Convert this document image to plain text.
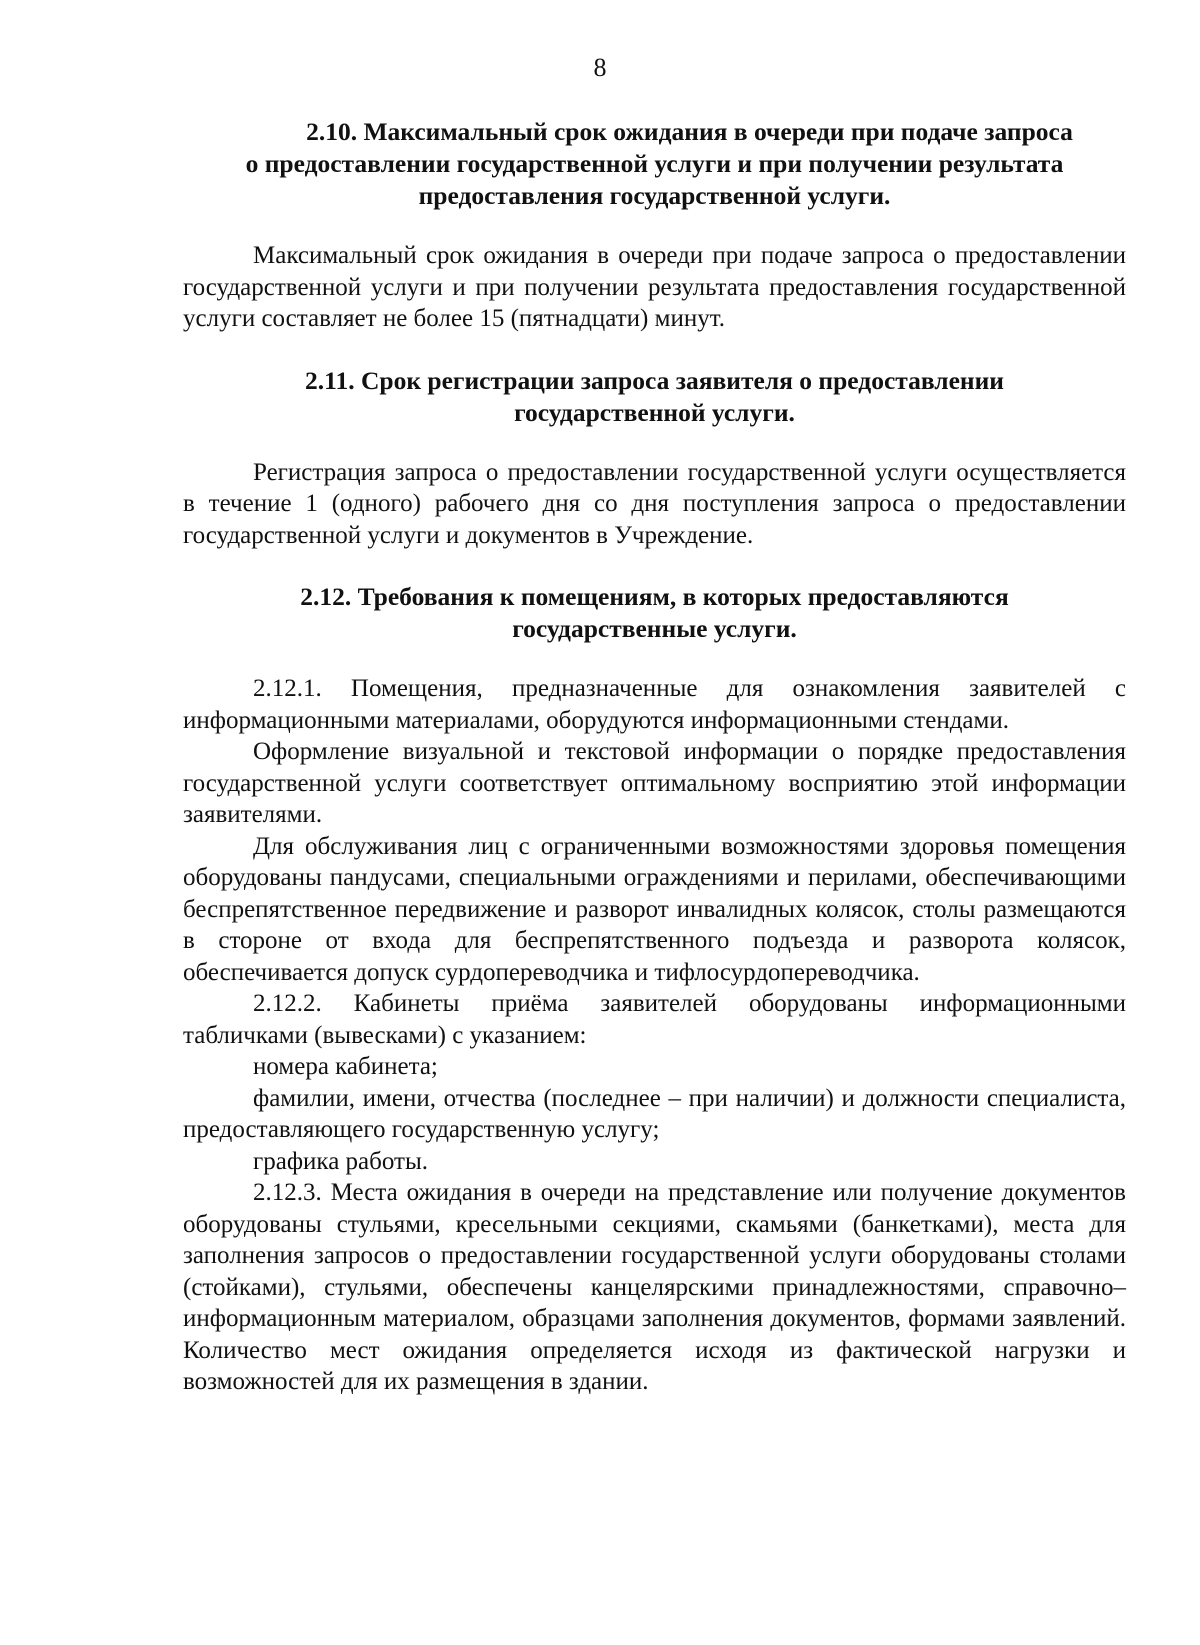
8
2.10. Максимальный срок ожидания в очереди при подаче запроса
о предоставлении государственной услуги и при получении результата
предоставления государственной услуги.

Максимальный срок ожидания в очереди при подаче запроса о предоставлении государственной услуги и при получении результата предоставления государственной услуги составляет не более 15 (пятнадцати) минут.

2.11. Срок регистрации запроса заявителя о предоставлении
государственной услуги.

Регистрация запроса о предоставлении государственной услуги осуществляется в течение 1 (одного) рабочего дня со дня поступления запроса о предоставлении государственной услуги и документов в Учреждение.

2.12. Требования к помещениям, в которых предоставляются
государственные услуги.

2.12.1. Помещения, предназначенные для ознакомления заявителей с информационными материалами, оборудуются информационными стендами.

Оформление визуальной и текстовой информации о порядке предоставления государственной услуги соответствует оптимальному восприятию этой информации заявителями.

Для обслуживания лиц с ограниченными возможностями здоровья помещения оборудованы пандусами, специальными ограждениями и перилами, обеспечивающими беспрепятственное передвижение и разворот инвалидных колясок, столы размещаются в стороне от входа для беспрепятственного подъезда и разворота колясок, обеспечивается допуск сурдопереводчика и тифлосурдопереводчика.

2.12.2. Кабинеты приёма заявителей оборудованы информационными табличками (вывесками) с указанием:

номера кабинета;

фамилии, имени, отчества (последнее – при наличии) и должности специалиста, предоставляющего государственную услугу;

графика работы.

2.12.3. Места ожидания в очереди на представление или получение документов оборудованы стульями, кресельными секциями, скамьями (банкетками), места для заполнения запросов о предоставлении государственной услуги оборудованы столами (стойками), стульями, обеспечены канцелярскими принадлежностями, справочно–информационным материалом, образцами заполнения документов, формами заявлений. Количество мест ожидания определяется исходя из фактической нагрузки и возможностей для их размещения в здании.
